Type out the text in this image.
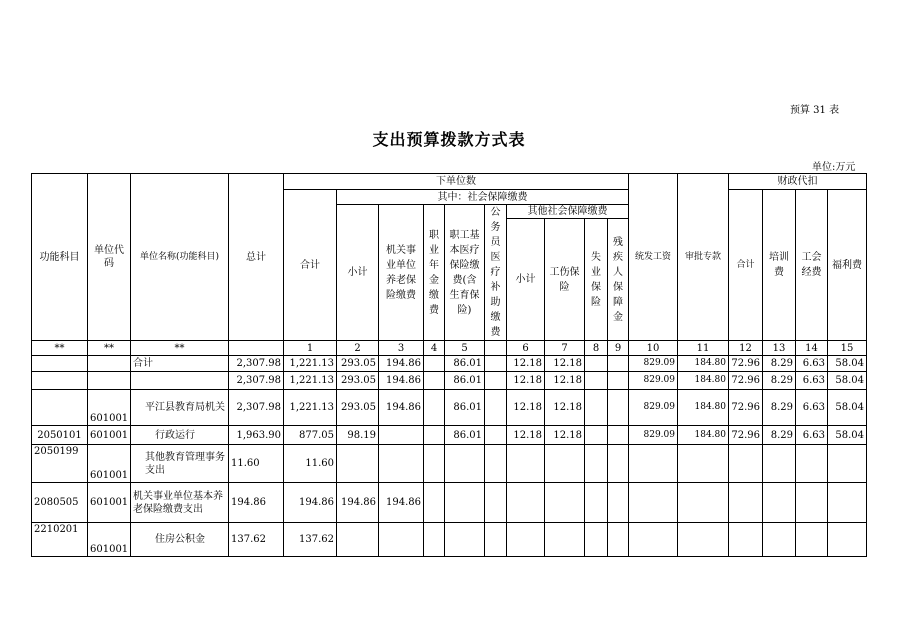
预算 31 表
支出预算拨款方式表
单位:万元
功能科目	单位代码	单位名称(功能科目)	总计	下单位数										统发工资	审批专款	财政代扣			
				合计	其中：社会保障缴费											合计	培训费	工会经费	福利费
					小计	机关事业单位养老保险缴费	职业年金缴费	职工基本医疗保险缴费(含生育保险)	公务员医疗补助缴费	其他社会保障缴费									
										小计	工伤保险	失业保险	残疾人保障金						
**	**	**		1	2	3	4	5		6	7	8	9	10	11	12	13	14	15
		合计	2,307.98	1,221.13	293.05	194.86		86.01		12.18	12.18			829.09	184.80	72.96	8.29	6.63	58.04
			2,307.98	1,221.13	293.05	194.86		86.01		12.18	12.18			829.09	184.80	72.96	8.29	6.63	58.04
	601001	平江县教育局机关	2,307.98	1,221.13	293.05	194.86		86.01		12.18	12.18			829.09	184.80	72.96	8.29	6.63	58.04
2050101	601001	行政运行	1,963.90	877.05	98.19			86.01		12.18	12.18			829.09	184.80	72.96	8.29	6.63	58.04
2050199	601001	其他教育管理事务支出	11.60	11.60															
2080505	601001	机关事业单位基本养老保险缴费支出	194.86	194.86	194.86	194.86													
2210201	601001	住房公积金	137.62	137.62															
